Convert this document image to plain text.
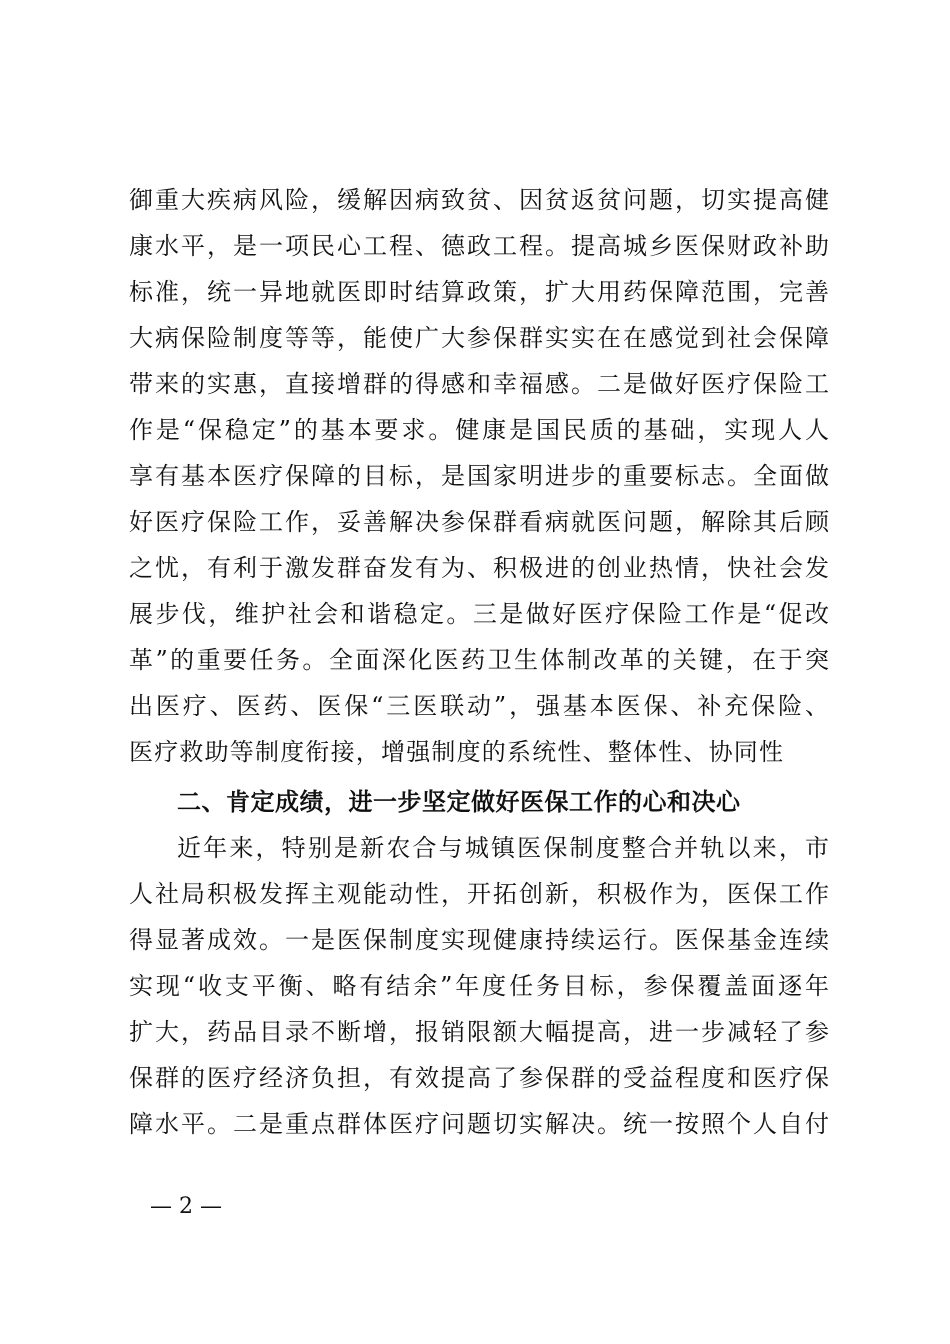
御重大疾病风险，缓解因病致贫、因贫返贫问题，切实提高健
康水平，是一项民心工程、德政工程。提高城乡医保财政补助
标准，统一异地就医即时结算政策，扩大用药保障范围，完善
大病保险制度等等，能使广大参保群实实在在感觉到社会保障
带来的实惠，直接增群的得感和幸福感。二是做好医疗保险工
作是“保稳定”的基本要求。健康是国民质的基础，实现人人
享有基本医疗保障的目标，是国家明进步的重要标志。全面做
好医疗保险工作，妥善解决参保群看病就医问题，解除其后顾
之忧，有利于激发群奋发有为、积极进的创业热情，快社会发
展步伐，维护社会和谐稳定。三是做好医疗保险工作是“促改
革”的重要任务。全面深化医药卫生体制改革的关键，在于突
出医疗、医药、医保“三医联动”，强基本医保、补充保险、
医疗救助等制度衔接，增强制度的系统性、整体性、协同性
二、肯定成绩，进一步坚定做好医保工作的心和决心
近年来，特别是新农合与城镇医保制度整合并轨以来，市
人社局积极发挥主观能动性，开拓创新，积极作为，医保工作
得显著成效。一是医保制度实现健康持续运行。医保基金连续
实现“收支平衡、略有结余”年度任务目标，参保覆盖面逐年
扩大，药品目录不断增，报销限额大幅提高，进一步减轻了参
保群的医疗经济负担，有效提高了参保群的受益程度和医疗保
障水平。二是重点群体医疗问题切实解决。统一按照个人自付
— 2 —
